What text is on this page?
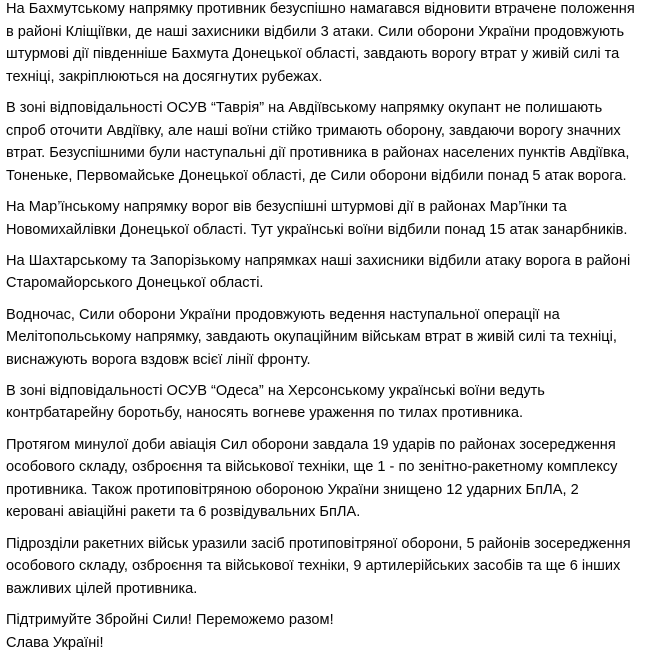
На Бахмутському напрямку противник безуспішно намагався відновити втрачене положення
в районі Кліщіївки, де наші захисники відбили 3 атаки. Сили оборони України продовжують
штурмові дії південніше Бахмута Донецької області, завдають ворогу втрат у живій силі та
техніці, закріплюються на досягнутих рубежах.

В зоні відповідальності ОСУВ “Таврія” на Авдіївському напрямку окупант не полишають
спроб оточити Авдіївку, але наші воїни стійко тримають оборону, завдаючи ворогу значних
втрат. Безуспішними були наступальні дії противника в районах населених пунктів Авдіївка,
Тоненьке, Первомайське Донецької області, де Сили оборони відбили понад 5 атак ворога.

На Мар’їнському напрямку ворог вів безуспішні штурмові дії в районах Мар’їнки та
Новомихайлівки Донецької області. Тут українські воїни відбили понад 15 атак занарбників.

На Шахтарському та Запорізькому напрямках наші захисники відбили атаку ворога в районі
Старомайорського Донецької області.

Водночас, Сили оборони України продовжують ведення наступальної операції на
Мелітопольському напрямку, завдають окупаційним військам втрат в живій силі та техніці,
виснажують ворога вздовж всієї лінії фронту.

В зоні відповідальності ОСУВ “Одеса” на Херсонському українські воїни ведуть
контрбатарейну боротьбу, наносять вогневе ураження по тилах противника.

Протягом минулої доби авіація Сил оборони завдала 19 ударів по районах зосередження
особового складу, озброєння та військової техніки, ще 1 - по зенітно-ракетному комплексу
противника. Також протиповітряною обороною України знищено 12 ударних БпЛА, 2
керовані авіаційні ракети та 6 розвідувальних БпЛА.

Підрозділи ракетних військ уразили засіб протиповітряної оборони, 5 районів зосередження
особового складу, озброєння та військової техніки, 9 артилерійських засобів та ще 6 інших
важливих цілей противника.

Підтримуйте Збройні Сили! Переможемо разом!
Слава Україні!
